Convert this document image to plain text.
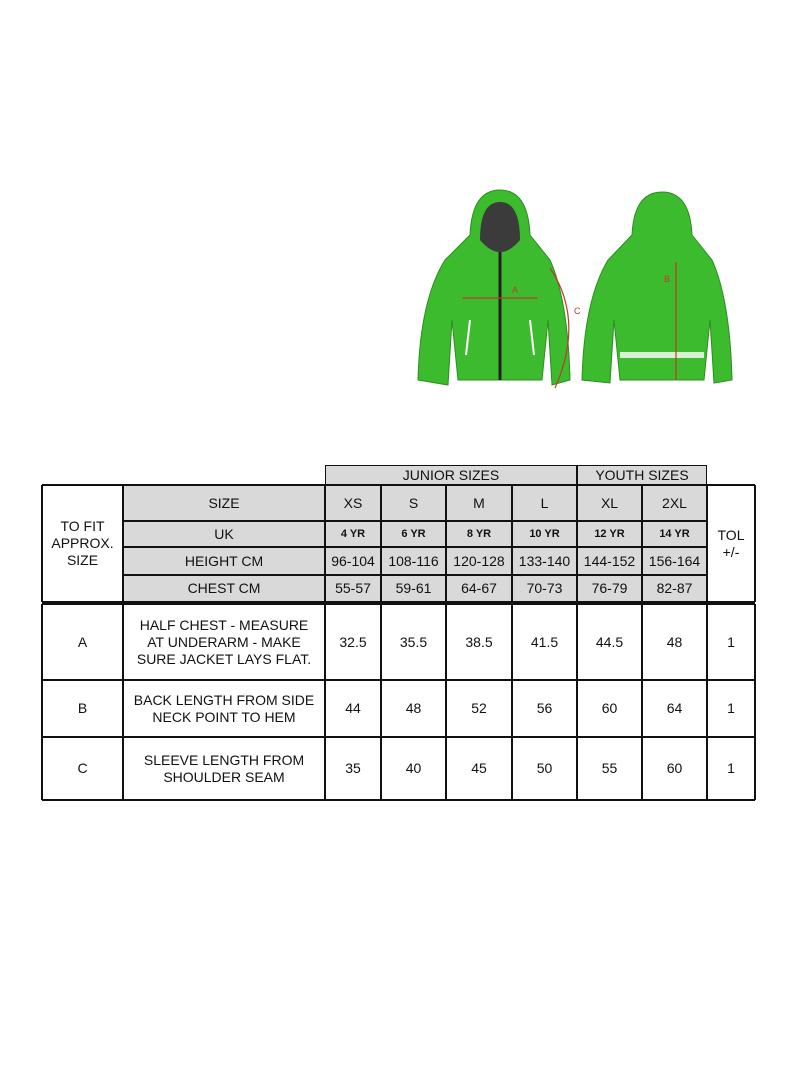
A
C
B
JUNIOR SIZES	YOUTH SIZES
TO FIT
APPROX.
SIZE
TOL
+/-
SIZE	XS	S	M	L	XL	2XL
UK	4 YR	6 YR	8 YR	10 YR	12 YR	14 YR
HEIGHT CM	96-104 108-116	120-128	133-140 144-152 156-164
CHEST CM	55-57	59-61	64-67	70-73	76-79	82-87
A
HALF CHEST - MEASURE
AT UNDERARM - MAKE
SURE JACKET LAYS FLAT.
32.5	35.5	38.5	41.5	44.5	48	1
B
BACK LENGTH FROM SIDE
NECK POINT TO HEM
44	48	52	56	60	64	1
C
SLEEVE LENGTH FROM
SHOULDER SEAM
35	40	45	50	55	60	1
